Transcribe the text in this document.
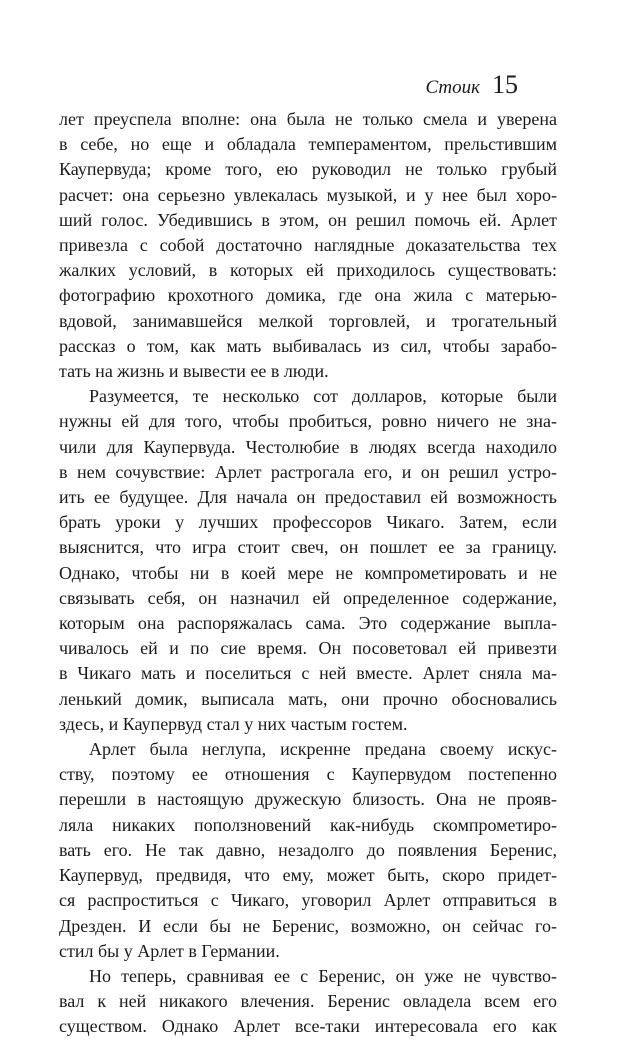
Стоик 15
лет преуспела вполне: она была не только смела и уверена
в себе, но еще и обладала темпераментом, прельстившим
Каупервуда; кроме того, ею руководил не только грубый
расчет: она серьезно увлекалась музыкой, и у нее был хоро-
ший голос. Убедившись в этом, он решил помочь ей. Арлет
привезла с собой достаточно наглядные доказательства тех
жалких условий, в которых ей приходилось существовать:
фотографию крохотного домика, где она жила с матерью-
вдовой, занимавшейся мелкой торговлей, и трогательный
рассказ о том, как мать выбивалась из сил, чтобы зарабо-
тать на жизнь и вывести ее в люди.
Разумеется, те несколько сот долларов, которые были
нужны ей для того, чтобы пробиться, ровно ничего не зна-
чили для Каупервуда. Честолюбие в людях всегда находило
в нем сочувствие: Арлет растрогала его, и он решил устро-
ить ее будущее. Для начала он предоставил ей возможность
брать уроки у лучших профессоров Чикаго. Затем, если
выяснится, что игра стоит свеч, он пошлет ее за границу.
Однако, чтобы ни в коей мере не компрометировать и не
связывать себя, он назначил ей определенное содержание,
которым она распоряжалась сама. Это содержание выпла-
чивалось ей и по сие время. Он посоветовал ей привезти
в Чикаго мать и поселиться с ней вместе. Арлет сняла ма-
ленький домик, выписала мать, они прочно обосновались
здесь, и Каупервуд стал у них частым гостем.
Арлет была неглупа, искренне предана своему искус-
ству, поэтому ее отношения с Каупервудом постепенно
перешли в настоящую дружескую близость. Она не прояв-
ляла никаких поползновений как-нибудь скомпрометиро-
вать его. Не так давно, незадолго до появления Беренис,
Каупервуд, предвидя, что ему, может быть, скоро придет-
ся распроститься с Чикаго, уговорил Арлет отправиться в
Дрезден. И если бы не Беренис, возможно, он сейчас го-
стил бы у Арлет в Германии.
Но теперь, сравнивая ее с Беренис, он уже не чувство-
вал к ней никакого влечения. Беренис овладела всем его
существом. Однако Арлет все-таки интересовала его как
